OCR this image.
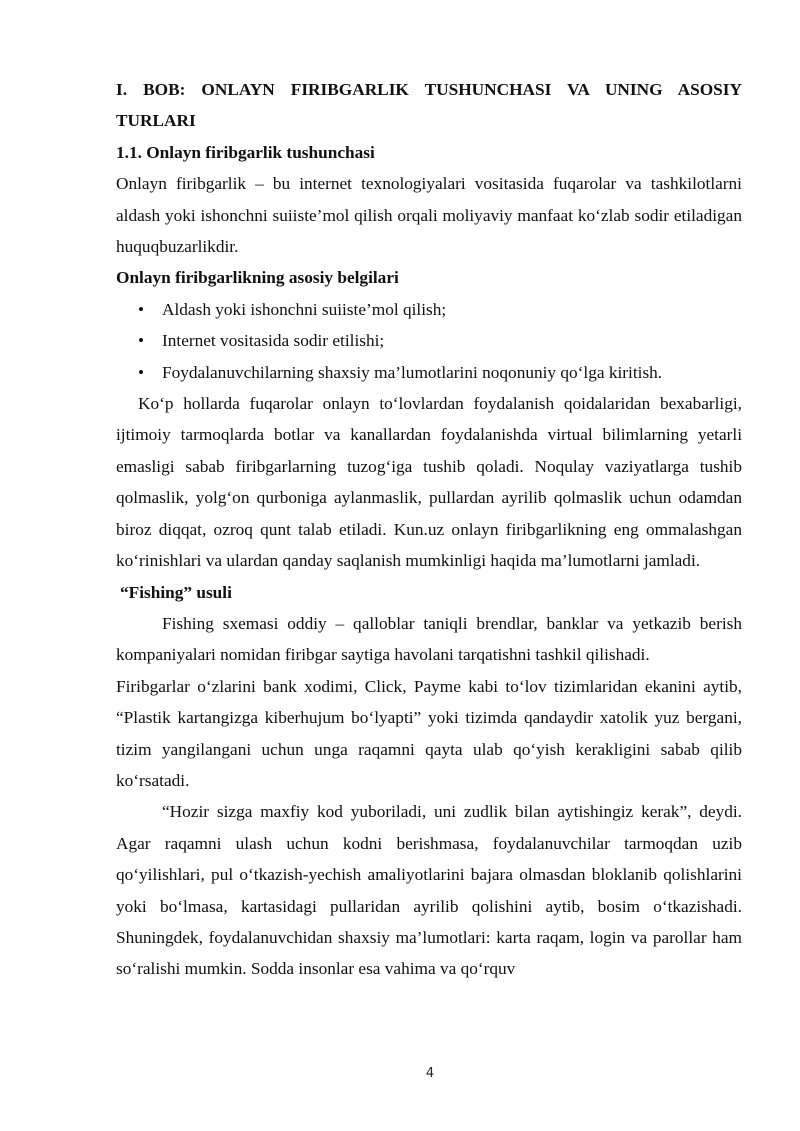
I. BOB: ONLAYN FIRIBGARLIK TUSHUNCHASI VA UNING ASOSIY TURLARI

1.1. Onlayn firibgarlik tushunchasi

Onlayn firibgarlik – bu internet texnologiyalari vositasida fuqarolar va tashkilotlarni aldash yoki ishonchni suiiste’mol qilish orqali moliyaviy manfaat ko‘zlab sodir etiladigan huquqbuzarlikdir.

Onlayn firibgarlikning asosiy belgilari

• Aldash yoki ishonchni suiiste’mol qilish;
• Internet vositasida sodir etilishi;
• Foydalanuvchilarning shaxsiy ma’lumotlarini noqonuniy qo‘lga kiritish.

Ko‘p hollarda fuqarolar onlayn to‘lovlardan foydalanish qoidalaridan bexabarligi, ijtimoiy tarmoqlarda botlar va kanallardan foydalanishda virtual bilimlarning yetarli emasligi sabab firibgarlarning tuzog‘iga tushib qoladi. Noqulay vaziyatlarga tushib qolmaslik, yolg‘on qurboniga aylanmaslik, pullardan ayrilib qolmaslik uchun odamdan biroz diqqat, ozroq qunt talab etiladi. Kun.uz onlayn firibgarlikning eng ommalashgan ko‘rinishlari va ulardan qanday saqlanish mumkinligi haqida ma’lumotlarni jamladi.

“Fishing” usuli

Fishing sxemasi oddiy – qalloblar taniqli brendlar, banklar va yetkazib berish kompaniyalari nomidan firibgar saytiga havolani tarqatishni tashkil qilishadi.

Firibgarlar o‘zlarini bank xodimi, Click, Payme kabi to‘lov tizimlaridan ekanini aytib, “Plastik kartangizga kiberhujum bo‘lyapti” yoki tizimda qandaydir xatolik yuz bergani, tizim yangilangani uchun unga raqamni qayta ulab qo‘yish kerakligini sabab qilib ko‘rsatadi.

“Hozir sizga maxfiy kod yuboriladi, uni zudlik bilan aytishingiz kerak”, deydi. Agar raqamni ulash uchun kodni berishmasa, foydalanuvchilar tarmoqdan uzib qo‘yilishlari, pul o‘tkazish-yechish amaliyotlarini bajara olmasdan bloklanib qolishlarini yoki bo‘lmasa, kartasidagi pullaridan ayrilib qolishini aytib, bosim o‘tkazishadi. Shuningdek, foydalanuvchidan shaxsiy ma’lumotlari: karta raqam, login va parollar ham so‘ralishi mumkin. Sodda insonlar esa vahima va qo‘rquv

4
